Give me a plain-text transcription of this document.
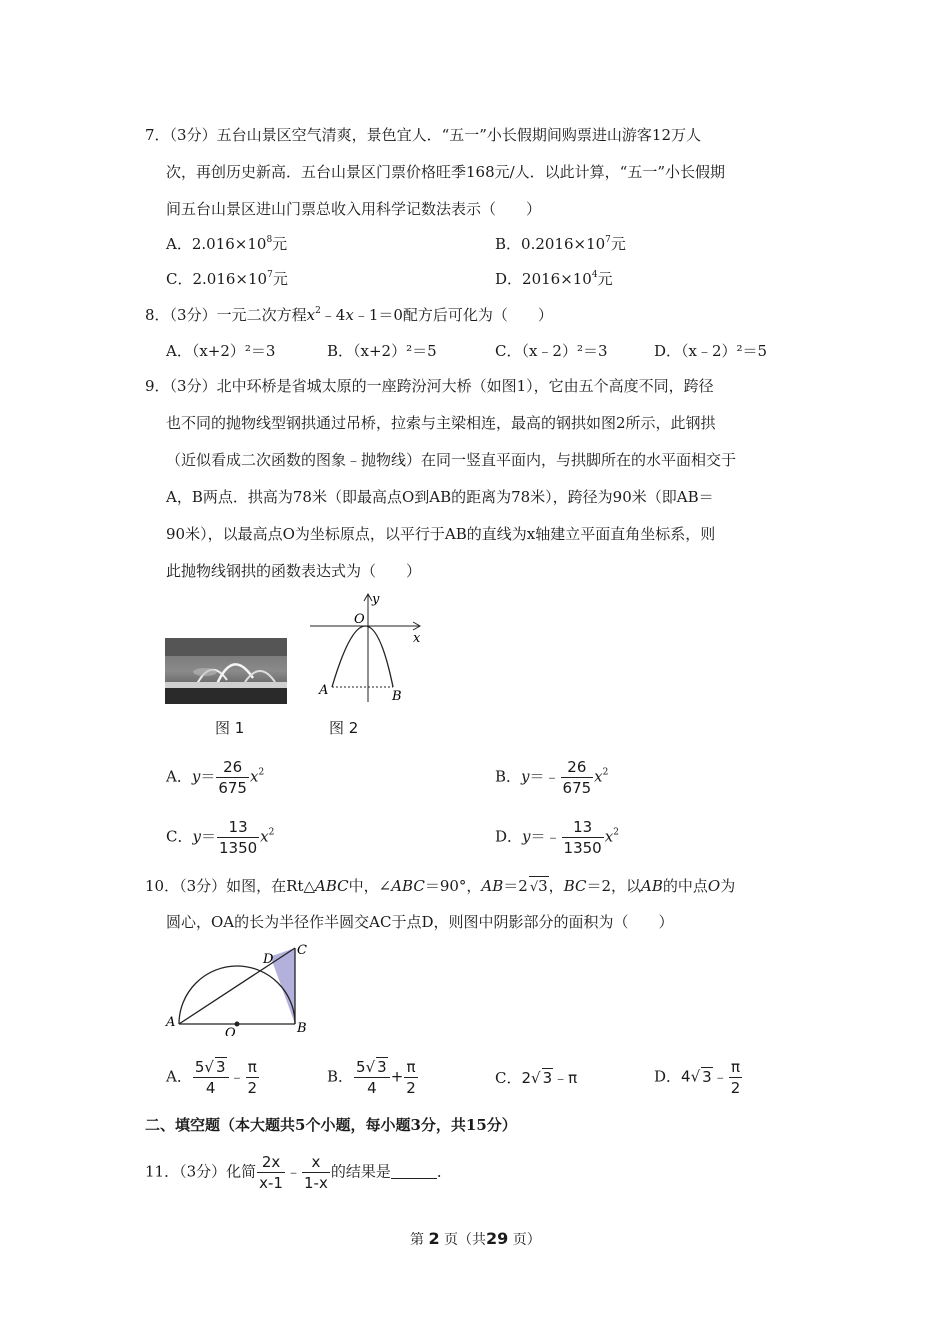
7．（3分）五台山景区空气清爽，景色宜人．“五一”小长假期间购票进山游客12万人
次，再创历史新高．五台山景区门票价格旺季168元/人．以此计算，“五一”小长假期
间五台山景区进山门票总收入用科学记数法表示（　　）
A．$2.016\times 10^8$元	B．$0.2016\times 10^7$元
C．$2.016\times 10^7$元	D．$2016\times 10^4$元
8．（3分）一元二次方程$x^2﹣4x﹣1=0$配方后可化为（　　）
A．（x+2）²＝3	B．（x+2）²＝5	C．（x﹣2）²＝3	D．（x﹣2）²＝5
9．（3分）北中环桥是省城太原的一座跨汾河大桥（如图1），它由五个高度不同，跨径
也不同的抛物线型钢拱通过吊桥，拉索与主梁相连，最高的钢拱如图2所示，此钢拱
（近似看成二次函数的图象﹣抛物线）在同一竖直平面内，与拱脚所在的水平面相交于
A，B两点．拱高为78米（即最高点O到AB的距离为78米），跨径为90米（即AB＝
90米），以最高点O为坐标原点，以平行于AB的直线为x轴建立平面直角坐标系，则
此抛物线钢拱的函数表达式为（　　）
图 1
y
x
O
A	B
图 2
A．$y= \frac{26}{675} x^2$	B．y＝﹣ $\frac{26}{675} x^2$
C．$y= \frac{13}{1350} x^2$	D．y＝﹣ $\frac{13}{1350} x^2$
10．（3分）如图，在Rt△ABC中，∠ABC＝90°，AB＝2 √3，BC＝2，以AB的中点O为
圆心，OA的长为半径作半圆交AC于点D，则图中阴影部分的面积为（　　）
A	B
C
D
O
A． $\frac{5√ 3}{4}$ ﹣ $\frac{\pi}{2}$	B． $\frac{5√ 3}{4} + \frac{\pi}{2}$	C．2√ 3﹣π	D．4√ 3﹣ $\frac{\pi}{2}$
二、填空题（本大题共5个小题，每小题3分，共15分）
11．（3分）化简 $\frac{2x}{x-1}$ ﹣ $\frac{x}{1-x}$ 的结果是	．
第 2 页（共29 页）
